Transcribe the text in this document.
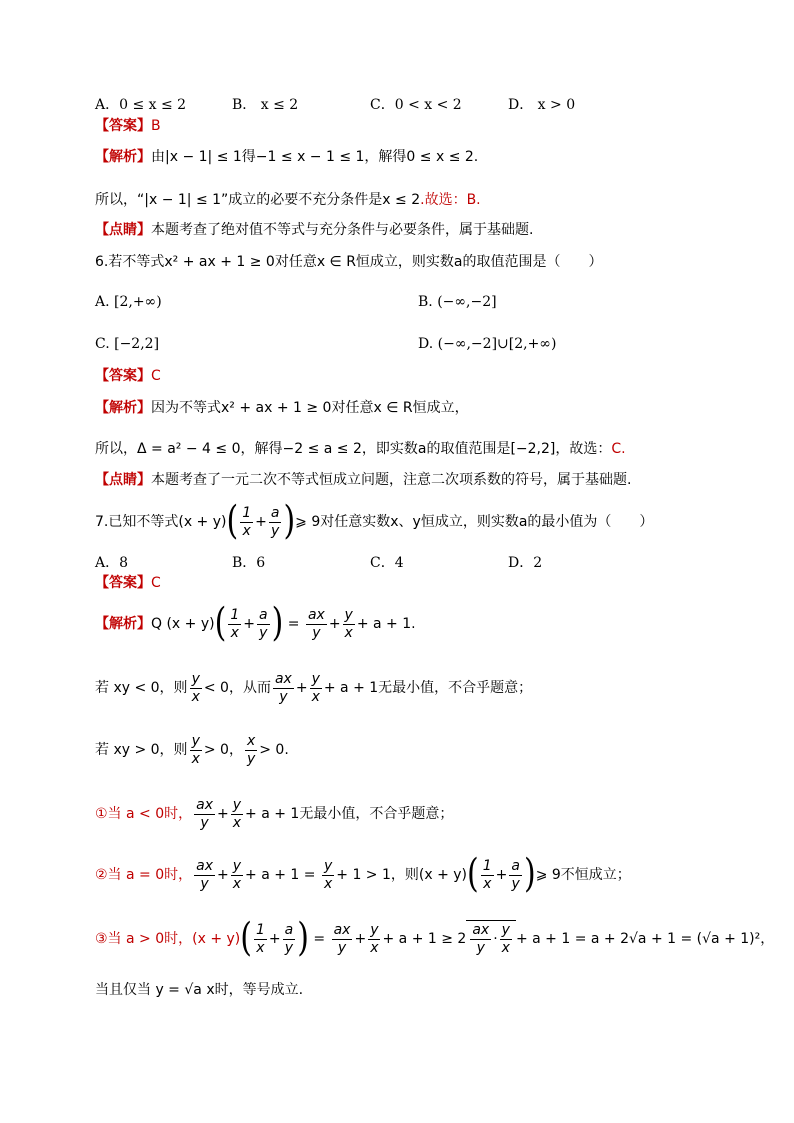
A．0 ≤ x ≤ 2	B． x ≤ 2	C．0 < x < 2	D． x > 0
【答案】B
【解析】由|x − 1| ≤ 1得−1 ≤ x − 1 ≤ 1，解得0 ≤ x ≤ 2.
所以，“|x − 1| ≤ 1”成立的必要不充分条件是x ≤ 2.故选：B.
【点睛】本题考查了绝对值不等式与充分条件与必要条件，属于基础题.
6.若不等式x² + ax + 1 ≥ 0对任意x ∈ R恒成立，则实数a的取值范围是（　　）
A. [2,+∞)	B. (−∞,−2]
C. [−2,2]	D. (−∞,−2]∪[2,+∞)
【答案】C
【解析】因为不等式x² + ax + 1 ≥ 0对任意x ∈ R恒成立，
所以，Δ = a² − 4 ≤ 0，解得−2 ≤ a ≤ 2，即实数a的取值范围是[−2,2]，故选：C.
【点睛】本题考查了一元二次不等式恒成立问题，注意二次项系数的符号，属于基础题.
7.已知不等式$(x + y)( \frac{1}{x} + \frac{a}{y}$ )⩾ 9对任意实数x、y恒成立，则实数a的最小值为（　　）
A．8	B．6	C．4	D．2
【答案】C
【解析】Q $(x + y)( \frac{1}{x} + \frac{a}{y}$ ) = $\frac{ax}{y} + \frac{y}{x} + a + 1$.
若 xy < 0，则 $\frac{y}{x} < 0$，从而 $\frac{ax}{y} + \frac{y}{x} + a + 1$无最小值，不合乎题意；
若 xy > 0，则 $\frac{y}{x} > 0$， $\frac{x}{y} > 0$.
①当 a < 0时， $\frac{ax}{y} + \frac{y}{x} + a + 1$无最小值，不合乎题意；
②当 a = 0时， $\frac{ax}{y} + \frac{y}{x} + a + 1 = \frac{y}{x} + 1 > 1$，则$(x + y)( \frac{1}{x} + \frac{a}{y}$ )⩾ 9不恒成立；
③当 a > 0时，$(x + y)( \frac{1}{x} + \frac{a}{y}$ ) = $\frac{ax}{y} + \frac{y}{x} + a + 1 \ge 2 \frac{ax}{y} \cdot \frac{y}{x} + a + 1 = a + 2√a + 1 = (√a + 1)^2$，
当且仅当 y = √a x时，等号成立.
